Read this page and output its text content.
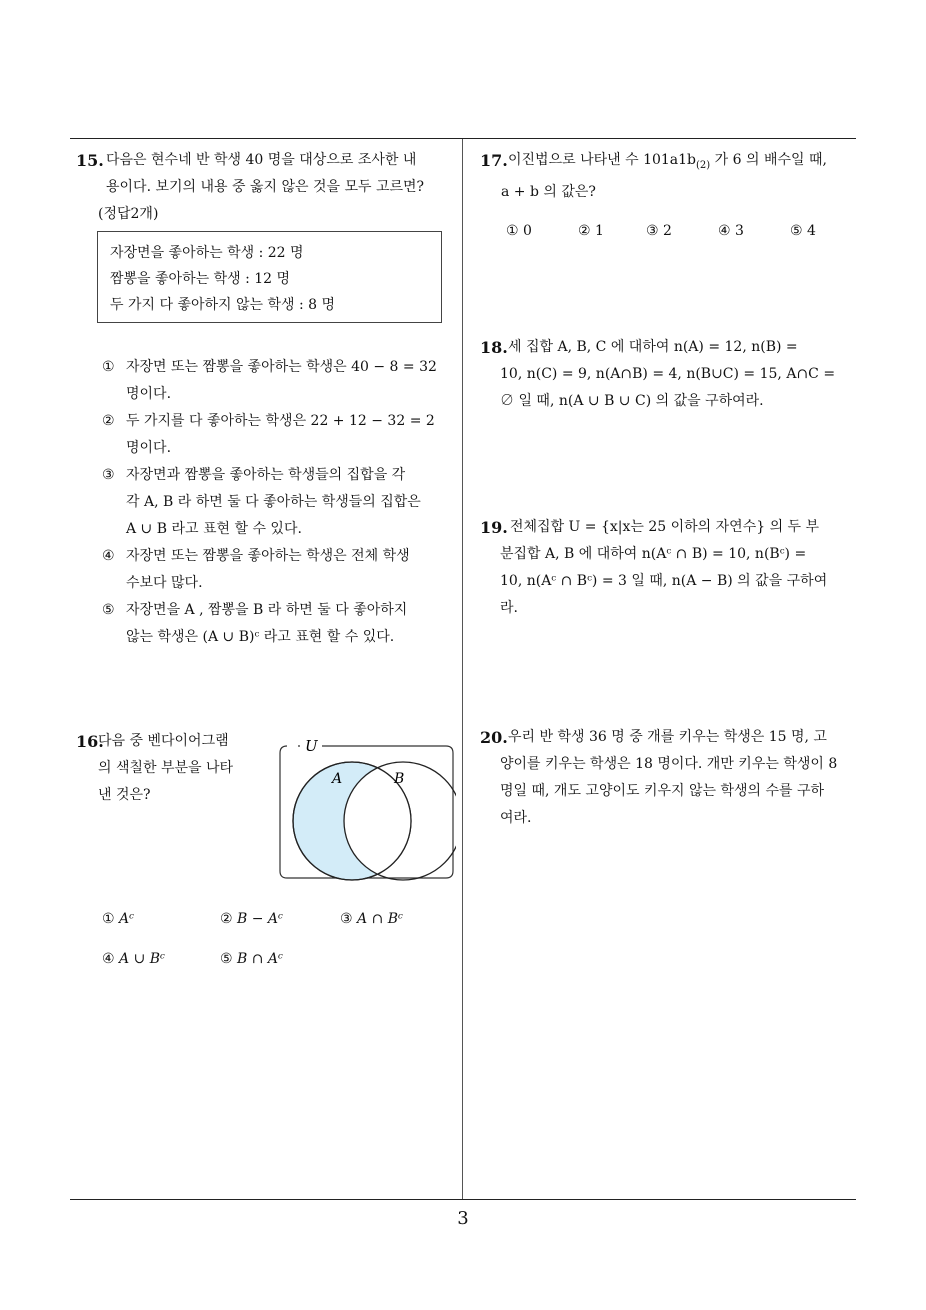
15. 다음은 현수네 반 학생 40 명을 대상으로 조사한 내
용이다. 보기의 내용 중 옳지 않은 것을 모두 고르면?
(정답2개)
자장면을 좋아하는 학생 : 22 명
짬뽕을 좋아하는 학생 : 12 명
두 가지 다 좋아하지 않는 학생 : 8 명
① 자장면 또는 짬뽕을 좋아하는 학생은 40 − 8 = 32
명이다.
② 두 가지를 다 좋아하는 학생은 22 + 12 − 32 = 2
명이다.
③ 자장면과 짬뽕을 좋아하는 학생들의 집합을 각
각 A, B 라 하면 둘 다 좋아하는 학생들의 집합은
A ∪ B 라고 표현 할 수 있다.
④ 자장면 또는 짬뽕을 좋아하는 학생은 전체 학생
수보다 많다.
⑤ 자장면을 A , 짬뽕을 B 라 하면 둘 다 좋아하지
않는 학생은 (A ∪ B)ᶜ 라고 표현 할 수 있다.
16.
다음 중 벤다이어그램
의 색칠한 부분을 나타
낸 것은?
U
A	B
① Aᶜ	② B − Aᶜ	③ A ∩ Bᶜ
④ A ∪ Bᶜ	⑤ B ∩ Aᶜ
17. 이진법으로 나타낸 수 $101a1b_{(2)}$ 가 6 의 배수일 때,
a + b 의 값은?
① 0	② 1	③ 2	④ 3	⑤ 4
18. 세 집합 A, B, C 에 대하여 n(A) = 12, n(B) =
10, n(C) = 9, n(A∩B) = 4, n(B∪C) = 15, A∩C =
∅ 일 때, n(A ∪ B ∪ C) 의 값을 구하여라.
19. 전체집합 U = {x|x는 25 이하의 자연수} 의 두 부
분집합 A, B 에 대하여 n(Aᶜ ∩ B) = 10, n(Bᶜ) =
10, n(Aᶜ ∩ Bᶜ) = 3 일 때, n(A − B) 의 값을 구하여
라.
20. 우리 반 학생 36 명 중 개를 키우는 학생은 15 명, 고
양이를 키우는 학생은 18 명이다. 개만 키우는 학생이 8
명일 때, 개도 고양이도 키우지 않는 학생의 수를 구하
여라.
3
